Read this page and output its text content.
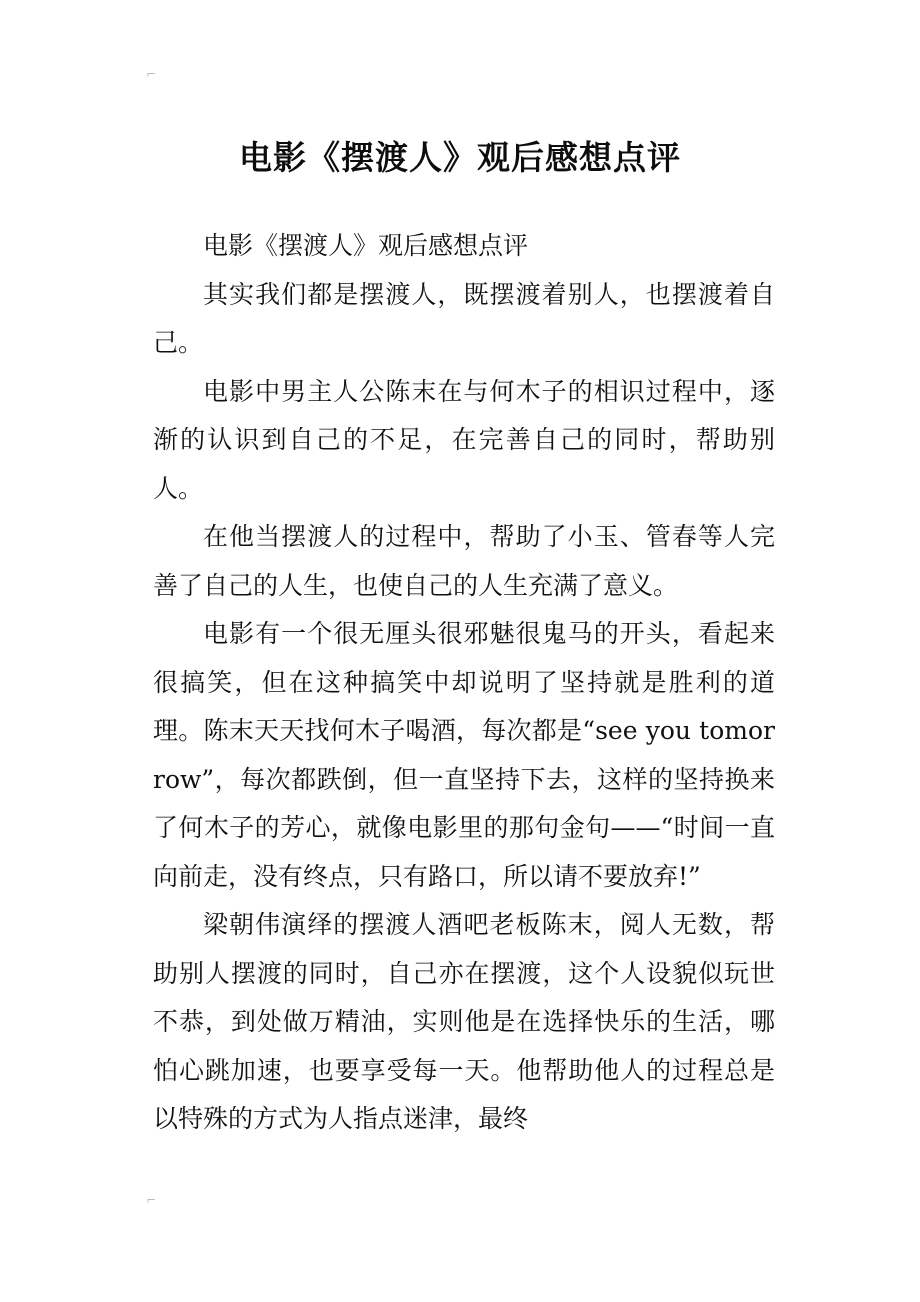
⌐
⌐
电影《摆渡人》观后感想点评

电影《摆渡人》观后感想点评

其实我们都是摆渡人，既摆渡着别人，也摆渡着自己。

电影中男主人公陈末在与何木子的相识过程中，逐渐的认识到自己的不足，在完善自己的同时，帮助别人。

在他当摆渡人的过程中，帮助了小玉、管春等人完善了自己的人生，也使自己的人生充满了意义。

电影有一个很无厘头很邪魅很鬼马的开头，看起来很搞笑，但在这种搞笑中却说明了坚持就是胜利的道理。陈末天天找何木子喝酒，每次都是“see you tomorrow”，每次都跌倒，但一直坚持下去，这样的坚持换来了何木子的芳心，就像电影里的那句金句——“时间一直向前走，没有终点，只有路口，所以请不要放弃!”

梁朝伟演绎的摆渡人酒吧老板陈末，阅人无数，帮助别人摆渡的同时，自己亦在摆渡，这个人设貌似玩世不恭，到处做万精油，实则他是在选择快乐的生活，哪怕心跳加速，也要享受每一天。他帮助他人的过程总是以特殊的方式为人指点迷津，最终
